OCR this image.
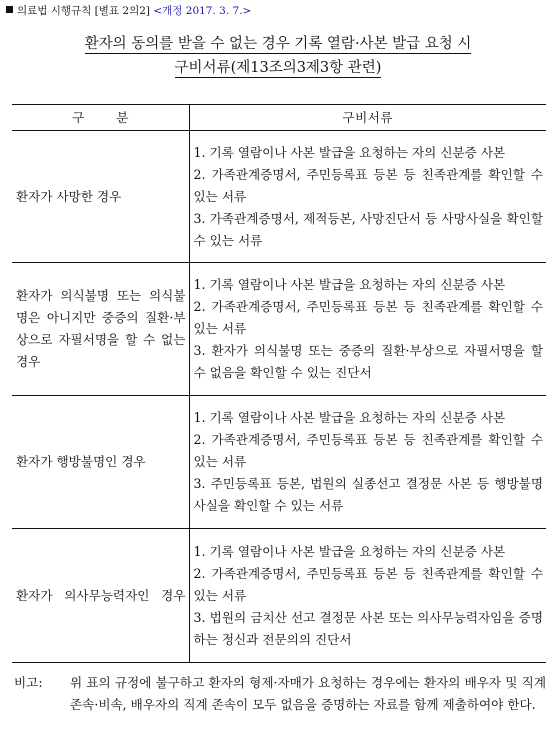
의료법 시행규칙 [별표 2의2] <개정 2017. 3. 7.>
환자의 동의를 받을 수 없는 경우 기록 열람·사본 발급 요청 시
구비서류(제13조의3제3항 관련)
구 분	구비서류
환자가 사망한 경우	1. 기록 열람이나 사본 발급을 요청하는 자의 신분증 사본
2. 가족관계증명서, 주민등록표 등본 등 친족관계를 확인할 수 있는 서류
3. 가족관계증명서, 제적등본, 사망진단서 등 사망사실을 확인할 수 있는 서류

환자가 의식불명 또는 의식불명은 아니지만 중증의 질환·부상으로 자필서명을 할 수 없는 경우	1. 기록 열람이나 사본 발급을 요청하는 자의 신분증 사본
2. 가족관계증명서, 주민등록표 등본 등 친족관계를 확인할 수 있는 서류
3. 환자가 의식불명 또는 중증의 질환·부상으로 자필서명을 할 수 없음을 확인할 수 있는 진단서

환자가 행방불명인 경우	1. 기록 열람이나 사본 발급을 요청하는 자의 신분증 사본
2. 가족관계증명서, 주민등록표 등본 등 친족관계를 확인할 수 있는 서류
3. 주민등록표 등본, 법원의 실종선고 결정문 사본 등 행방불명 사실을 확인할 수 있는 서류

환자가 의사무능력자인 경우	1. 기록 열람이나 사본 발급을 요청하는 자의 신분증 사본
2. 가족관계증명서, 주민등록표 등본 등 친족관계를 확인할 수 있는 서류
3. 법원의 금치산 선고 결정문 사본 또는 의사무능력자임을 증명하는 정신과 전문의의 진단서
비고: 위 표의 규정에 불구하고 환자의 형제·자매가 요청하는 경우에는 환자의 배우자 및 직계 존속·비속, 배우자의 직계 존속이 모두 없음을 증명하는 자료를 함께 제출하여야 한다.
